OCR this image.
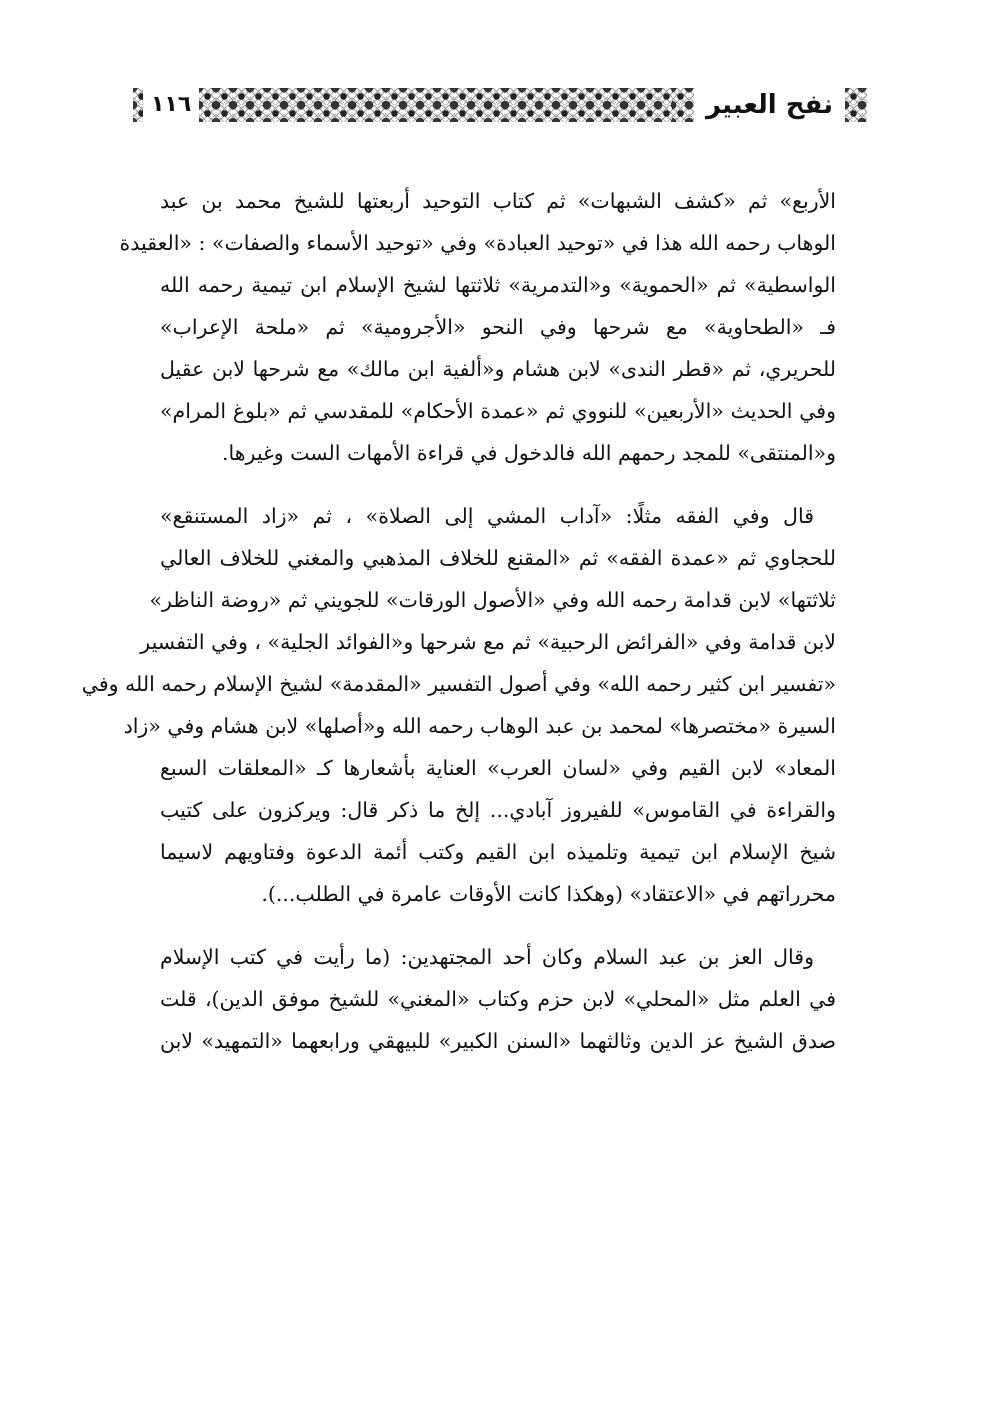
نفح العبير
١١٦
الأربع» ثم «كشف الشبهات» ثم كتاب التوحيد أربعتها للشيخ محمد بن عبد
الوهاب رحمه الله هذا في «توحيد العبادة» وفي «توحيد الأسماء والصفات» : «العقيدة
الواسطية» ثم «الحموية» و«التدمرية» ثلاثتها لشيخ الإسلام ابن تيمية رحمه الله
فـ «الطحاوية» مع شرحها وفي النحو «الأجرومية» ثم «ملحة الإعراب»
للحريري، ثم «قطر الندى» لابن هشام و«ألفية ابن مالك» مع شرحها لابن عقيل
وفي الحديث «الأربعين» للنووي ثم «عمدة الأحكام» للمقدسي ثم «بلوغ المرام»
و«المنتقى» للمجد رحمهم الله فالدخول في قراءة الأمهات الست وغيرها.
قال وفي الفقه مثلًا: «آداب المشي إلى الصلاة» ، ثم «زاد المستنقع»
للحجاوي ثم «عمدة الفقه» ثم «المقنع للخلاف المذهبي والمغني للخلاف العالي
ثلاثتها» لابن قدامة رحمه الله وفي «الأصول الورقات» للجويني ثم «روضة الناظر»
لابن قدامة وفي «الفرائض الرحبية» ثم مع شرحها و«الفوائد الجلية» ، وفي التفسير
«تفسير ابن كثير رحمه الله» وفي أصول التفسير «المقدمة» لشيخ الإسلام رحمه الله وفي
السيرة «مختصرها» لمحمد بن عبد الوهاب رحمه الله و«أصلها» لابن هشام وفي «زاد
المعاد» لابن القيم وفي «لسان العرب» العناية بأشعارها كـ «المعلقات السبع
والقراءة في القاموس» للفيروز آبادي... إلخ ما ذكر قال: ويركزون على كتيب
شيخ الإسلام ابن تيمية وتلميذه ابن القيم وكتب أئمة الدعوة وفتاويهم لاسيما
محرراتهم في «الاعتقاد» (وهكذا كانت الأوقات عامرة في الطلب...).
وقال العز بن عبد السلام وكان أحد المجتهدين: (ما رأيت في كتب الإسلام
في العلم مثل «المحلي» لابن حزم وكتاب «المغني» للشيخ موفق الدين)، قلت
صدق الشيخ عز الدين وثالثهما «السنن الكبير» للبيهقي ورابعهما «التمهيد» لابن
